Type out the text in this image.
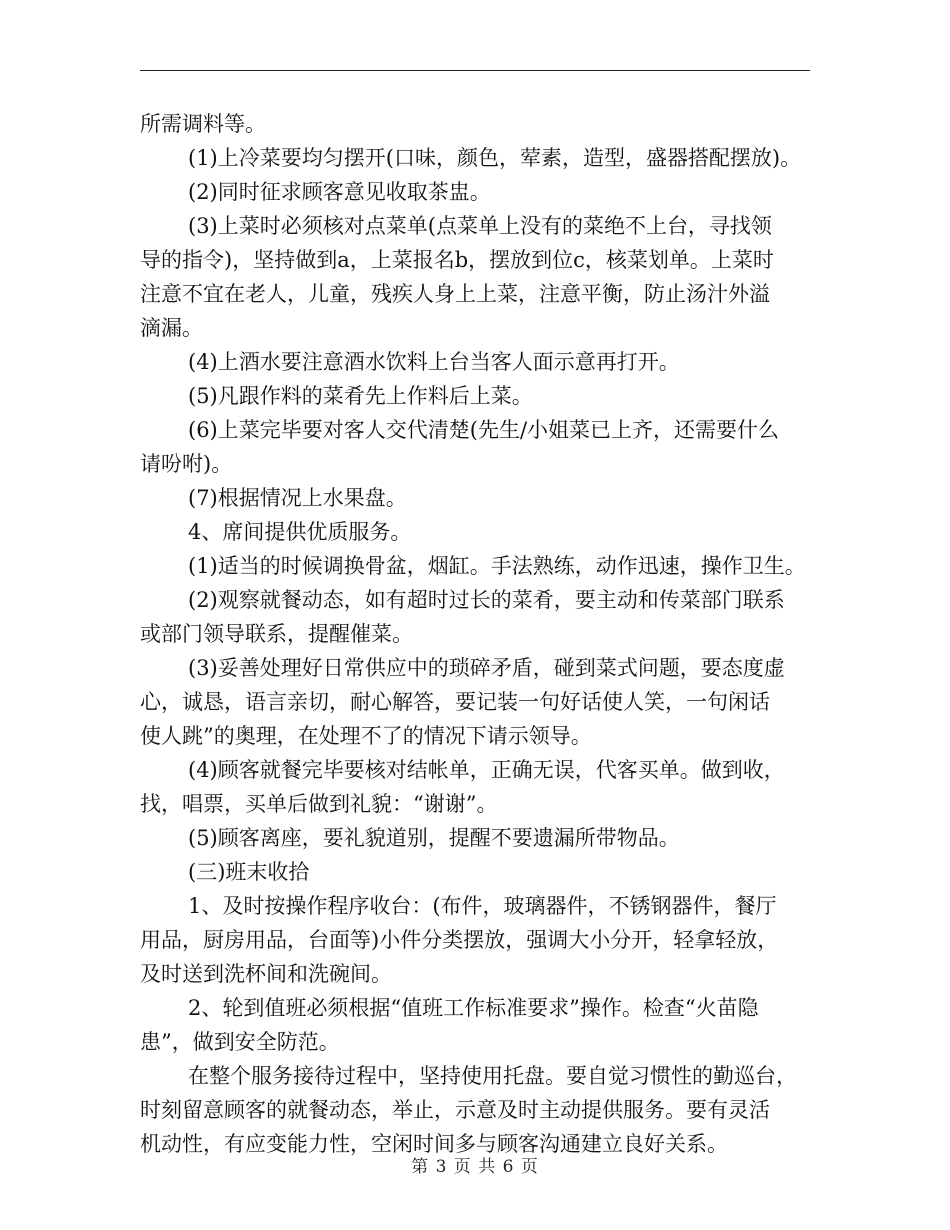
所需调料等。
(1)上冷菜要均匀摆开(口味，颜色，荤素，造型，盛器搭配摆放)。
(2)同时征求顾客意见收取茶盅。
(3)上菜时必须核对点菜单(点菜单上没有的菜绝不上台，寻找领
导的指令)，坚持做到a，上菜报名b，摆放到位c，核菜划单。上菜时
注意不宜在老人，儿童，残疾人身上上菜，注意平衡，防止汤汁外溢
滴漏。
(4)上酒水要注意酒水饮料上台当客人面示意再打开。
(5)凡跟作料的菜肴先上作料后上菜。
(6)上菜完毕要对客人交代清楚(先生/小姐菜已上齐，还需要什么
请吩咐)。
(7)根据情况上水果盘。
4、席间提供优质服务。
(1)适当的时候调换骨盆，烟缸。手法熟练，动作迅速，操作卫生。
(2)观察就餐动态，如有超时过长的菜肴，要主动和传菜部门联系
或部门领导联系，提醒催菜。
(3)妥善处理好日常供应中的琐碎矛盾，碰到菜式问题，要态度虚
心，诚恳，语言亲切，耐心解答，要记装一句好话使人笑，一句闲话
使人跳”的奥理，在处理不了的情况下请示领导。
(4)顾客就餐完毕要核对结帐单，正确无误，代客买单。做到收，
找，唱票，买单后做到礼貌：“谢谢”。
(5)顾客离座，要礼貌道别，提醒不要遗漏所带物品。
(三)班末收拾
1、及时按操作程序收台：(布件，玻璃器件，不锈钢器件，餐厅
用品，厨房用品，台面等)小件分类摆放，强调大小分开，轻拿轻放，
及时送到洗杯间和洗碗间。
2、轮到值班必须根据“值班工作标准要求”操作。检查“火苗隐
患”，做到安全防范。
在整个服务接待过程中，坚持使用托盘。要自觉习惯性的勤巡台，
时刻留意顾客的就餐动态，举止，示意及时主动提供服务。要有灵活
机动性，有应变能力性，空闲时间多与顾客沟通建立良好关系。
第 3 页 共 6 页
